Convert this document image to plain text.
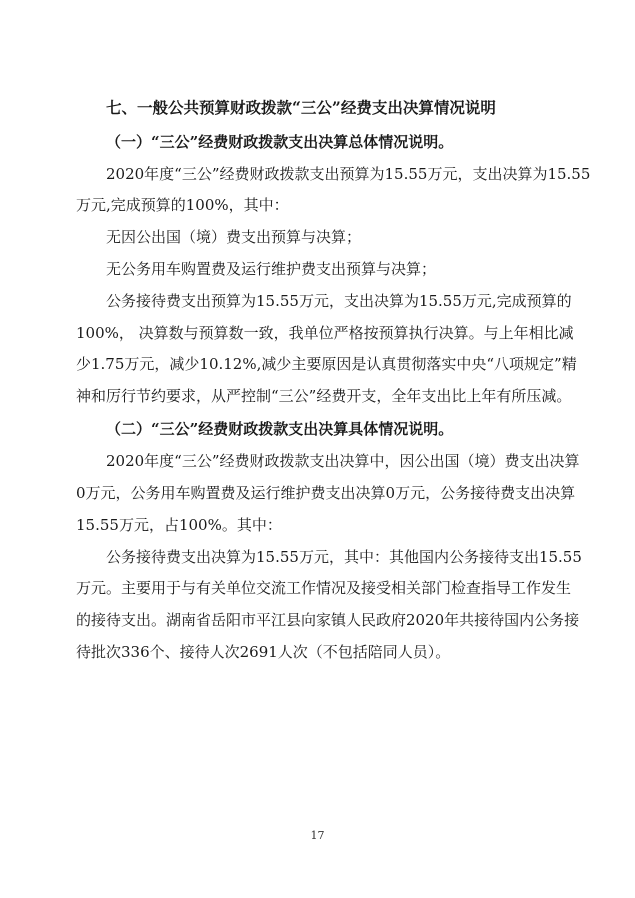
七、一般公共预算财政拨款“三公”经费支出决算情况说明
（一）“三公”经费财政拨款支出决算总体情况说明。
2020年度“三公”经费财政拨款支出预算为15.55万元，支出决算为15.55
万元,完成预算的100%，其中：
无因公出国（境）费支出预算与决算；
无公务用车购置费及运行维护费支出预算与决算；
公务接待费支出预算为15.55万元，支出决算为15.55万元,完成预算的
100%， 决算数与预算数一致，我单位严格按预算执行决算。与上年相比减
少1.75万元，减少10.12%,减少主要原因是认真贯彻落实中央“八项规定”精
神和厉行节约要求，从严控制“三公”经费开支，全年支出比上年有所压减。
（二）“三公”经费财政拨款支出决算具体情况说明。
2020年度“三公”经费财政拨款支出决算中，因公出国（境）费支出决算
0万元，公务用车购置费及运行维护费支出决算0万元，公务接待费支出决算
15.55万元，占100%。其中：
公务接待费支出决算为15.55万元，其中：其他国内公务接待支出15.55
万元。主要用于与有关单位交流工作情况及接受相关部门检查指导工作发生
的接待支出。湖南省岳阳市平江县向家镇人民政府2020年共接待国内公务接
待批次336个、接待人次2691人次（不包括陪同人员）。
17
